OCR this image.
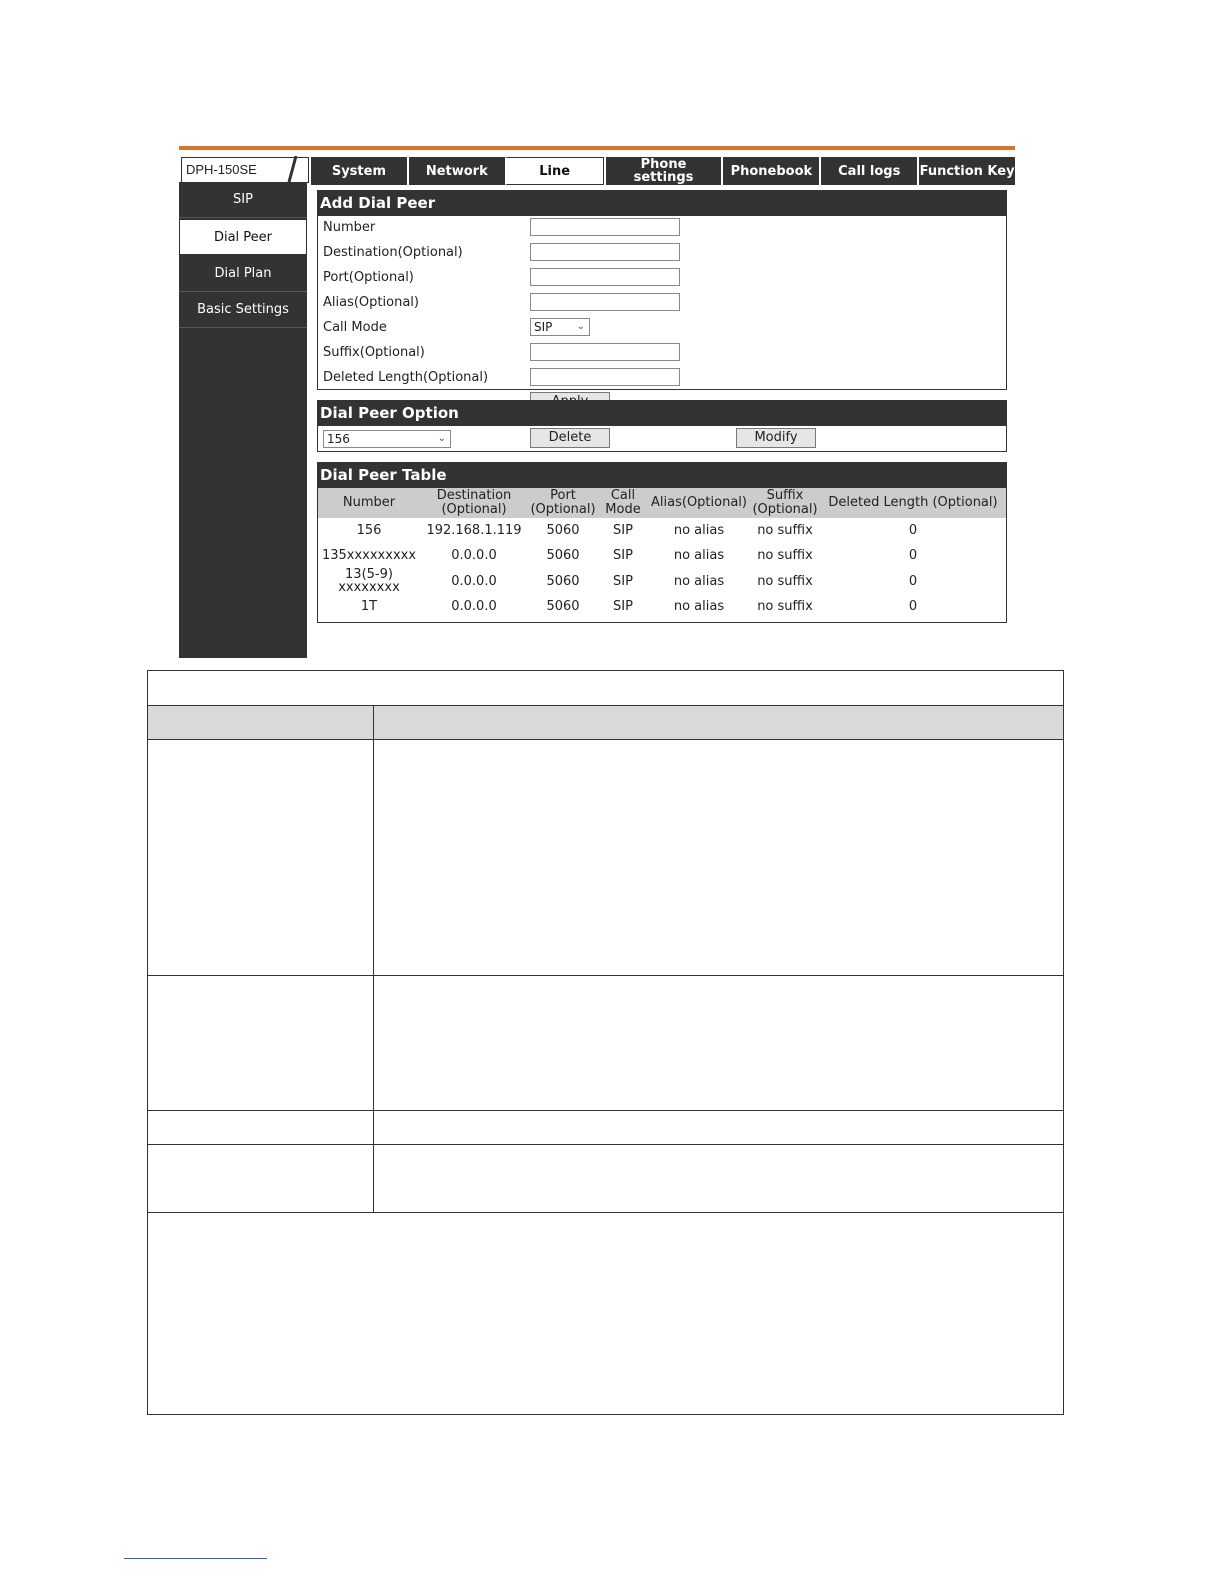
DPH-150SE	System	Network	Line	Phone settings	Phonebook	Call logs	Function Key
SIP
Dial Peer
Dial Plan
Basic Settings
Add Dial Peer
Number
Destination(Optional)
Port(Optional)
Alias(Optional)
Call Mode	SIP ⌄
Suffix(Optional)
Deleted Length(Optional)
Dial Peer Option
156	⌄	Delete	Modify
Dial Peer Table
Number	Destination (Optional)	Port (Optional)	Call Mode	Alias(Optional)	Suffix (Optional)	Deleted Length (Optional)
156	192.168.1.119	5060	SIP	no alias	no suffix	0
135xxxxxxxxx	0.0.0.0	5060	SIP	no alias	no suffix	0
13(5-9) xxxxxxxx	0.0.0.0	5060	SIP	no alias	no suffix	0
1T	0.0.0.0	5060	SIP	no alias	no suffix	0
